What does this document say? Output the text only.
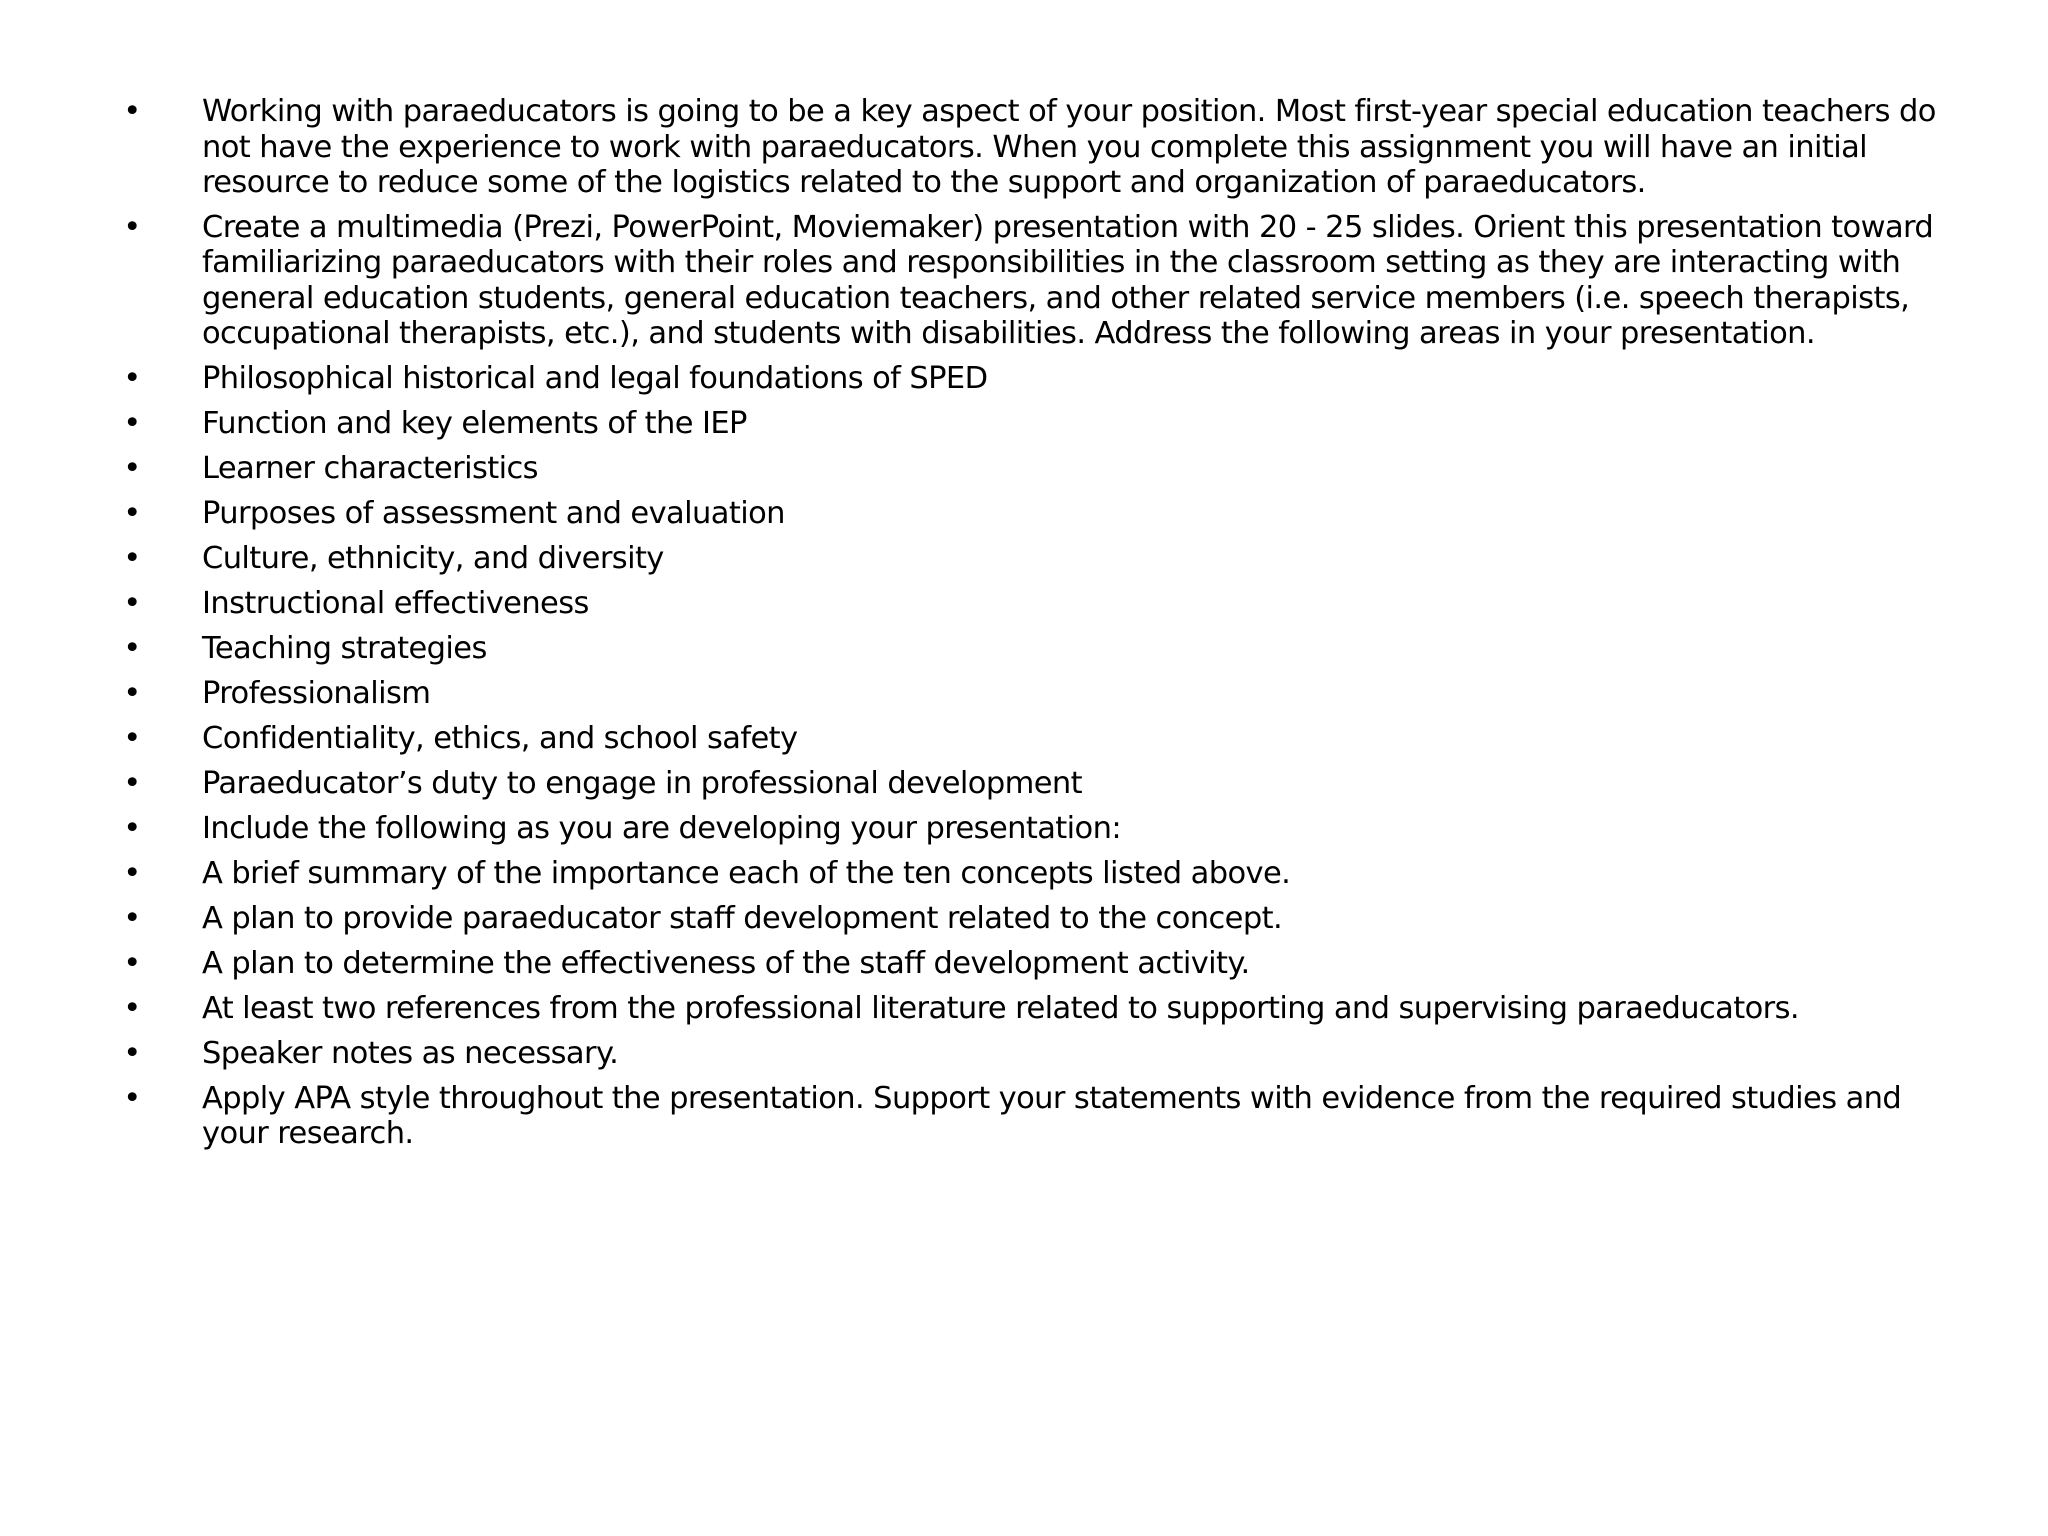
• Working with paraeducators is going to be a key aspect of your position. Most first-year special education teachers do not have the experience to work with paraeducators. When you complete this assignment you will have an initial resource to reduce some of the logistics related to the support and organization of paraeducators.
• Create a multimedia (Prezi, PowerPoint, Moviemaker) presentation with 20 - 25 slides. Orient this presentation toward familiarizing paraeducators with their roles and responsibilities in the classroom setting as they are interacting with general education students, general education teachers, and other related service members (i.e. speech therapists, occupational therapists, etc.), and students with disabilities. Address the following areas in your presentation.
• Philosophical historical and legal foundations of SPED
• Function and key elements of the IEP
• Learner characteristics
• Purposes of assessment and evaluation
• Culture, ethnicity, and diversity
• Instructional effectiveness
• Teaching strategies
• Professionalism
• Confidentiality, ethics, and school safety
• Paraeducator’s duty to engage in professional development
• Include the following as you are developing your presentation:
• A brief summary of the importance each of the ten concepts listed above.
• A plan to provide paraeducator staff development related to the concept.
• A plan to determine the effectiveness of the staff development activity.
• At least two references from the professional literature related to supporting and supervising paraeducators.
• Speaker notes as necessary.
• Apply APA style throughout the presentation. Support your statements with evidence from the required studies and your research.
